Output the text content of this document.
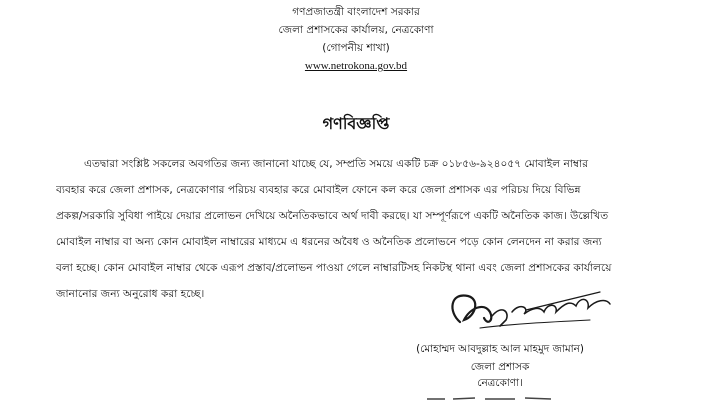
গণপ্রজাতন্ত্রী বাংলাদেশ সরকার
জেলা প্রশাসকের কার্যালয়, নেত্রকোণা
(গোপনীয় শাখা)
www.netrokona.gov.bd
গণবিজ্ঞপ্তি
এতদ্বারা সংশ্লিষ্ট সকলের অবগতির জন্য জানানো যাচ্ছে যে, সম্প্রতি সময়ে একটি চক্র ০১৮৫৬-৯২৪০৫৭ মোবাইল নাম্বার
ব্যবহার করে জেলা প্রশাসক, নেত্রকোণার পরিচয় ব্যবহার করে মোবাইল ফোনে কল করে জেলা প্রশাসক এর পরিচয় দিয়ে বিভিন্ন
প্রকল্প/সরকারি সুবিধা পাইয়ে দেয়ার প্রলোভন দেখিয়ে অনৈতিকভাবে অর্থ দাবী করছে। যা সম্পূর্ণরূপে একটি অনৈতিক কাজ। উল্লেখিত
মোবাইল নাম্বার বা অন্য কোন মোবাইল নাম্বারের মাধ্যমে এ ধরনের অবৈধ ও অনৈতিক প্রলোভনে পড়ে কোন লেনদেন না করার জন্য
বলা হচ্ছে। কোন মোবাইল নাম্বার থেকে এরূপ প্রস্তাব/প্রলোভন পাওয়া গেলে নাম্বারটিসহ নিকটস্থ থানা এবং জেলা প্রশাসকের কার্যালয়ে
জানানোর জন্য অনুরোধ করা হচ্ছে।
(মোহাম্মদ আবদুল্লাহ আল মাহমুদ জামান)
জেলা প্রশাসক
নেত্রকোণা।
